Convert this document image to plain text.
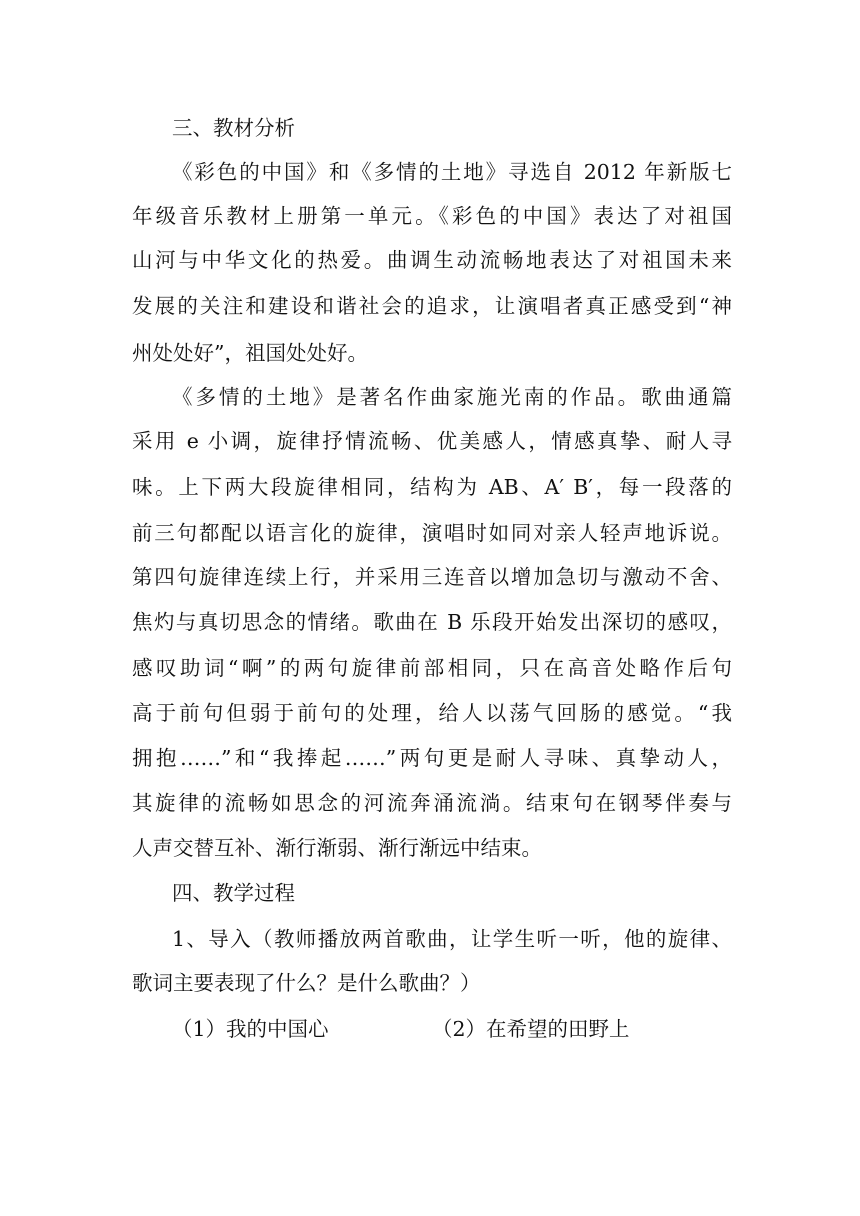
三、教材分析
《彩色的中国》和《多情的土地》寻选自 2012 年新版七
年级音乐教材上册第一单元。《彩色的中国》表达了对祖国
山河与中华文化的热爱。曲调生动流畅地表达了对祖国未来
发展的关注和建设和谐社会的追求，让演唱者真正感受到“神
州处处好”，祖国处处好。
《多情的土地》是著名作曲家施光南的作品。歌曲通篇
采用 e 小调，旋律抒情流畅、优美感人，情感真挚、耐人寻
味。上下两大段旋律相同，结构为 AB、A′ B′，每一段落的
前三句都配以语言化的旋律，演唱时如同对亲人轻声地诉说。
第四句旋律连续上行，并采用三连音以增加急切与激动不舍、
焦灼与真切思念的情绪。歌曲在 B 乐段开始发出深切的感叹，
感叹助词“啊”的两句旋律前部相同，只在高音处略作后句
高于前句但弱于前句的处理，给人以荡气回肠的感觉。“我
拥抱……”和“我捧起……”两句更是耐人寻味、真挚动人，
其旋律的流畅如思念的河流奔涌流淌。结束句在钢琴伴奏与
人声交替互补、渐行渐弱、渐行渐远中结束。
四、教学过程
1、导入（教师播放两首歌曲，让学生听一听，他的旋律、
歌词主要表现了什么？是什么歌曲？）
（1）我的中国心	（2）在希望的田野上
